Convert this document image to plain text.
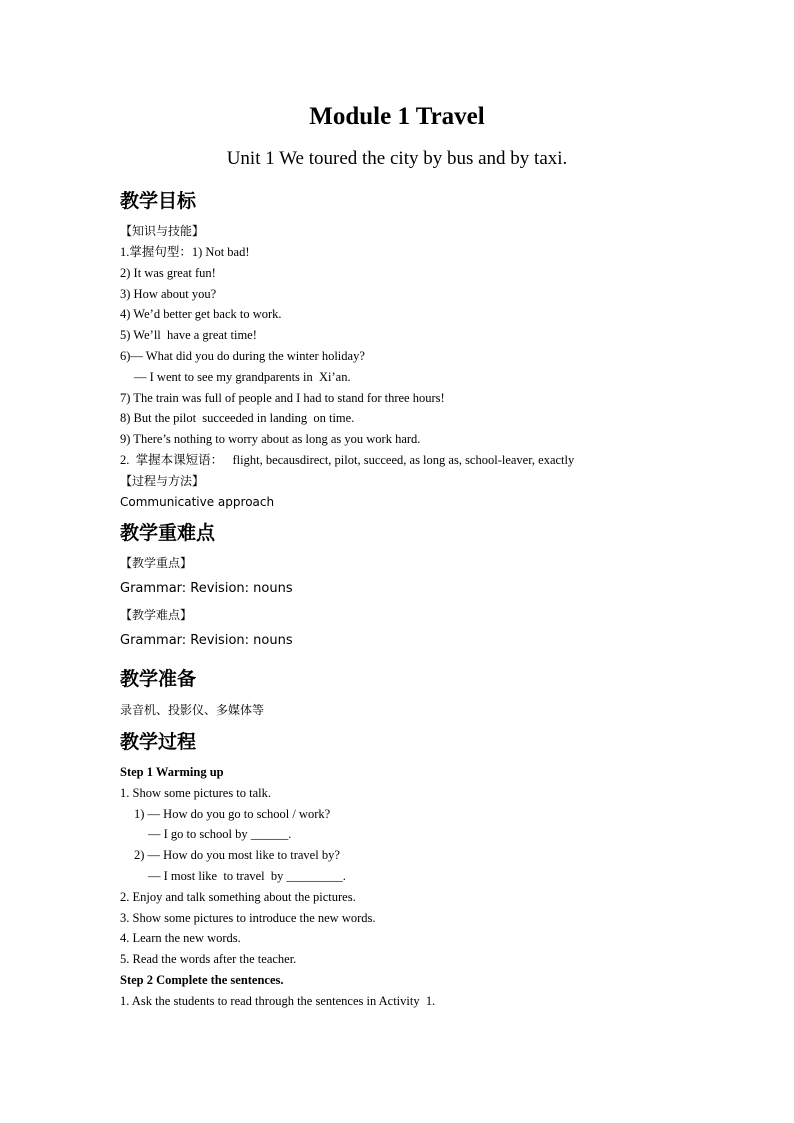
Module 1 Travel
Unit 1 We toured the city by bus and by taxi.
教学目标
【知识与技能】
1.掌握句型：1) Not bad!
2) It was great fun!
3) How about you?
4) We’d better get back to work.
5) We’ll  have a great time!
6)— What did you do during the winter holiday?
— I went to see my grandparents in  Xi’an.
7) The train was full of people and I had to stand for three hours!
8) But the pilot  succeeded in landing  on time.
9) There’s nothing to worry about as long as you work hard.
2.  掌握本课短语：   flight, becausdirect, pilot, succeed, as long as, school-leaver, exactly
【过程与方法】
Communicative approach
教学重难点
【教学重点】
Grammar: Revision: nouns
【教学难点】
Grammar: Revision: nouns
教学准备
录音机、投影仪、多媒体等
教学过程
Step 1 Warming up
1. Show some pictures to talk.
1) — How do you go to school / work?
— I go to school by ______.
2) — How do you most like to travel by?
— I most like  to travel  by _________.
2. Enjoy and talk something about the pictures.
3. Show some pictures to introduce the new words.
4. Learn the new words.
5. Read the words after the teacher.
Step 2 Complete the sentences.
1. Ask the students to read through the sentences in Activity  1.
